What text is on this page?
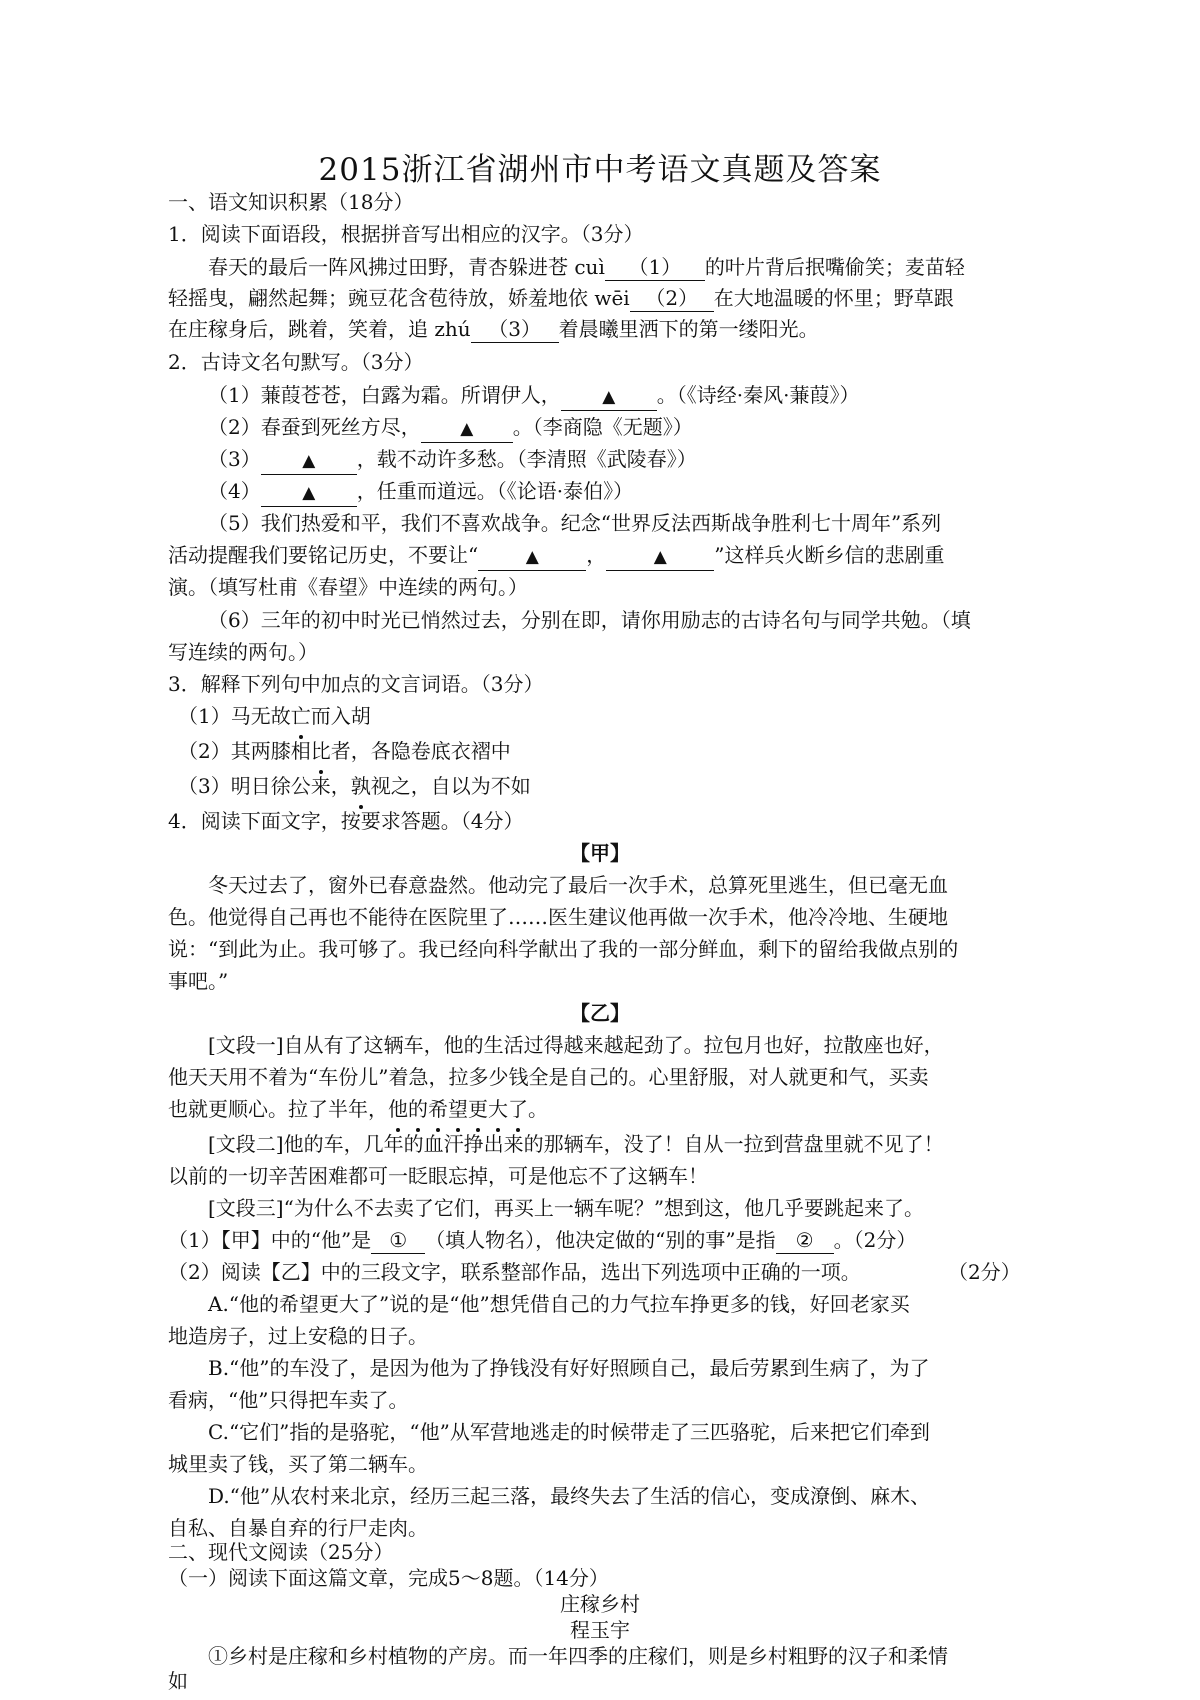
2015浙江省湖州市中考语文真题及答案
一、语文知识积累（18分）
1．阅读下面语段，根据拼音写出相应的汉字。（3分）
春天的最后一阵风拂过田野，青杏躲进苍 cuì （1） 的叶片背后抿嘴偷笑；麦苗轻
轻摇曳，翩然起舞；豌豆花含苞待放，娇羞地依 wēi （2） 在大地温暖的怀里；野草跟
在庄稼身后，跳着，笑着，追 zhú （3） 着晨曦里洒下的第一缕阳光。
2．古诗文名句默写。（3分）
（1）蒹葭苍苍，白露为霜。所谓伊人， ▲ 。（《诗经·秦风·蒹葭》）
（2）春蚕到死丝方尽， ▲ 。（李商隐《无题》）
（3） ▲ ，载不动许多愁。（李清照《武陵春》）
（4） ▲ ，任重而道远。（《论语·泰伯》）
（5）我们热爱和平，我们不喜欢战争。纪念“世界反法西斯战争胜利七十周年”系列
活动提醒我们要铭记历史，不要让“	▲ ，	▲ ”这样兵火断乡信的悲剧重
演。（填写杜甫《春望》中连续的两句。）
（6）三年的初中时光已悄然过去，分别在即，请你用励志的古诗名句与同学共勉。（填
写连续的两句。）
3．解释下列句中加点的文言词语。（3分）
（1）马无故亡而入胡
（2）其两膝相比者，各隐卷底衣褶中
（3）明日徐公来，孰视之，自以为不如
4．阅读下面文字，按要求答题。（4分）
【甲】
冬天过去了，窗外已春意盎然。他动完了最后一次手术，总算死里逃生，但已毫无血
色。他觉得自己再也不能待在医院里了……医生建议他再做一次手术，他冷冷地、生硬地
说：“到此为止。我可够了。我已经向科学献出了我的一部分鲜血，剩下的留给我做点别的
事吧。”
【乙】
[文段一]自从有了这辆车，他的生活过得越来越起劲了。拉包月也好，拉散座也好，
他天天用不着为“车份儿”着急，拉多少钱全是自己的。心里舒服，对人就更和气，买卖
也就更顺心。拉了半年，他的希望更大了。
[文段二]他的车，几年的血汗挣出来的那辆车，没了！自从一拉到营盘里就不见了！
以前的一切辛苦困难都可一眨眼忘掉，可是他忘不了这辆车！
[文段三]“为什么不去卖了它们，再买上一辆车呢？”想到这，他几乎要跳起来了。
（1）【甲】中的“他”是 ① （填人物名），他决定做的“别的事”是指 ② 。（2分）
（2）阅读【乙】中的三段文字，联系整部作品，选出下列选项中正确的一项。	（2分）
A.“他的希望更大了”说的是“他”想凭借自己的力气拉车挣更多的钱，好回老家买
地造房子，过上安稳的日子。
B.“他”的车没了，是因为他为了挣钱没有好好照顾自己，最后劳累到生病了，为了
看病，“他”只得把车卖了。
C.“它们”指的是骆驼，“他”从军营地逃走的时候带走了三匹骆驼，后来把它们牵到
城里卖了钱，买了第二辆车。
D.“他”从农村来北京，经历三起三落，最终失去了生活的信心，变成潦倒、麻木、
自私、自暴自弃的行尸走肉。
二、现代文阅读（25分）
（一）阅读下面这篇文章，完成5～8题。（14分）
庄稼乡村
程玉宇
①乡村是庄稼和乡村植物的产房。而一年四季的庄稼们，则是乡村粗野的汉子和柔情
如
